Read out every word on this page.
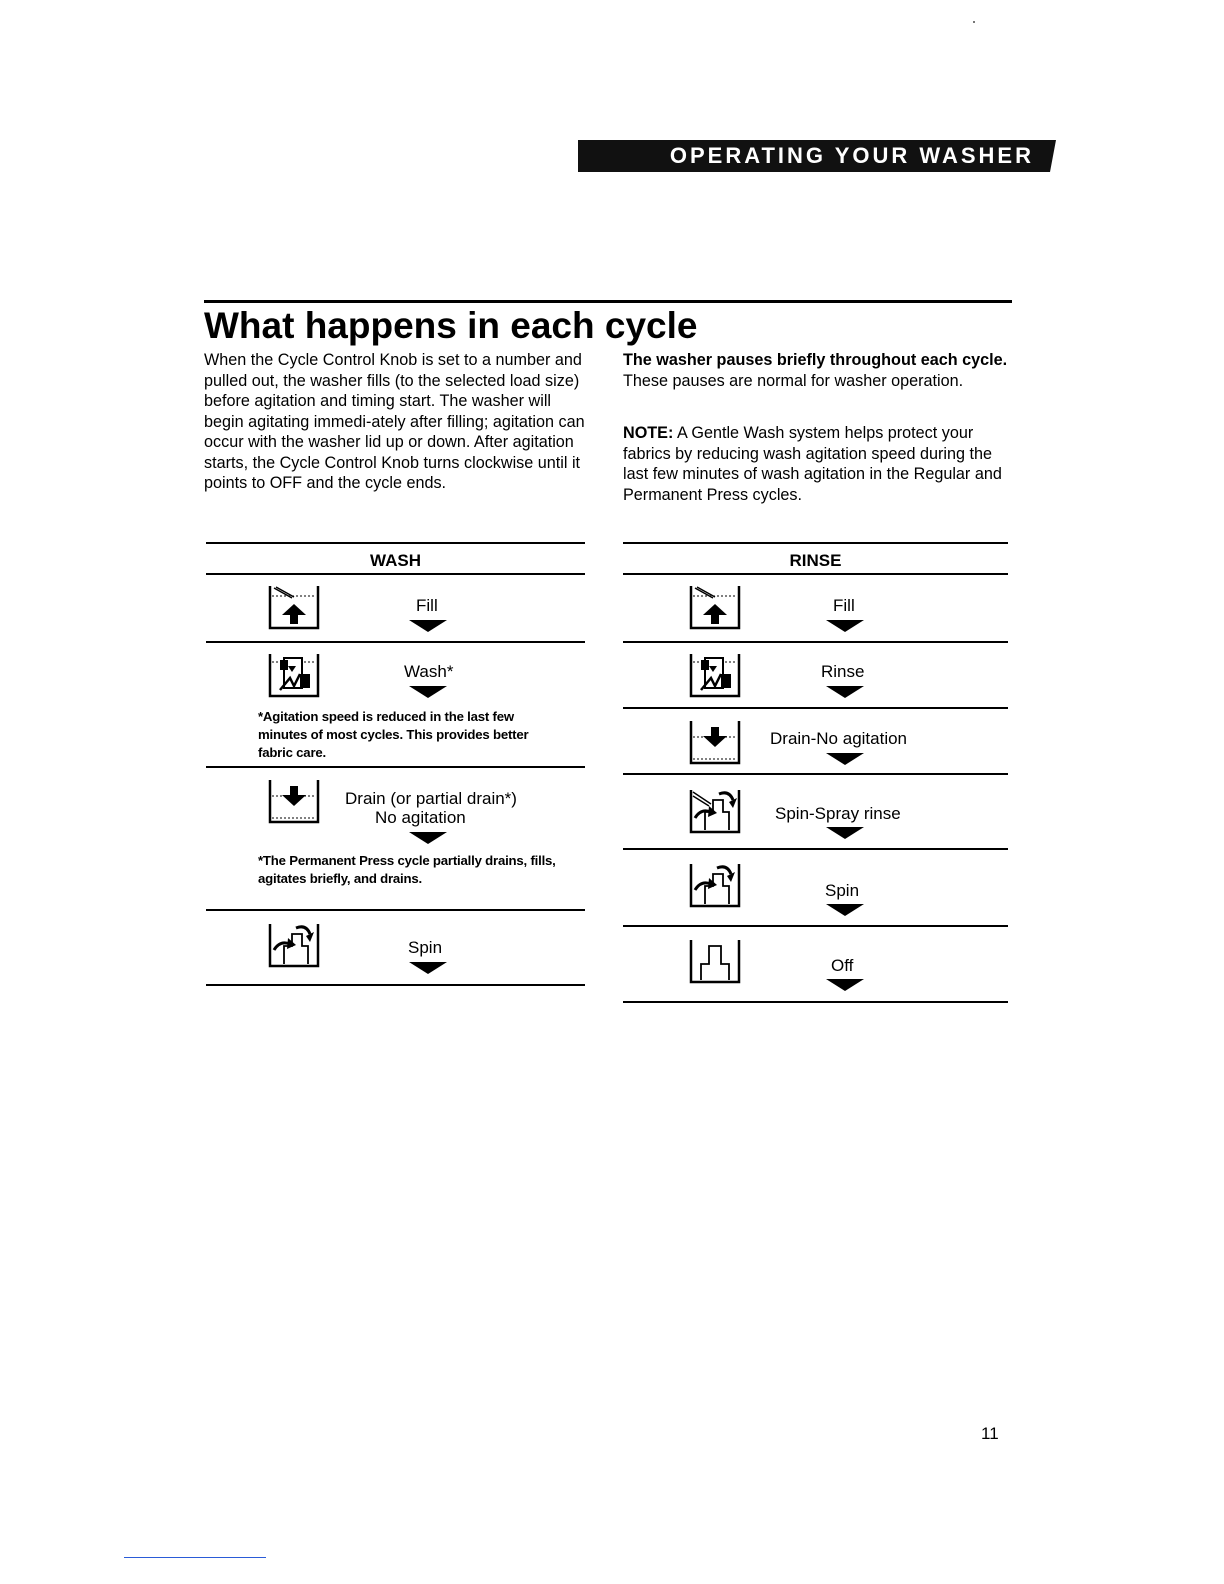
OPERATING YOUR WASHER
What happens in each cycle

When the Cycle Control Knob is set to a number and pulled out, the washer fills (to the selected load size) before agitation and timing start. The washer will begin agitating immedi-ately after filling; agitation can occur with the washer lid up or down. After agitation starts, the Cycle Control Knob turns clockwise until it points to OFF and the cycle ends.

The washer pauses briefly throughout each cycle. These pauses are normal for washer operation.

NOTE: A Gentle Wash system helps protect your fabrics by reducing wash agitation speed during the last few minutes of wash agitation in the Regular and Permanent Press cycles.

WASH
Fill
Wash*
*Agitation speed is reduced in the last few minutes of most cycles. This provides better fabric care.
Drain (or partial drain*)
No agitation
*The Permanent Press cycle partially drains, fills, agitates briefly, and drains.
Spin
RINSE
Fill
Rinse
Drain-No agitation
Spin-Spray rinse
Spin
Off
11
